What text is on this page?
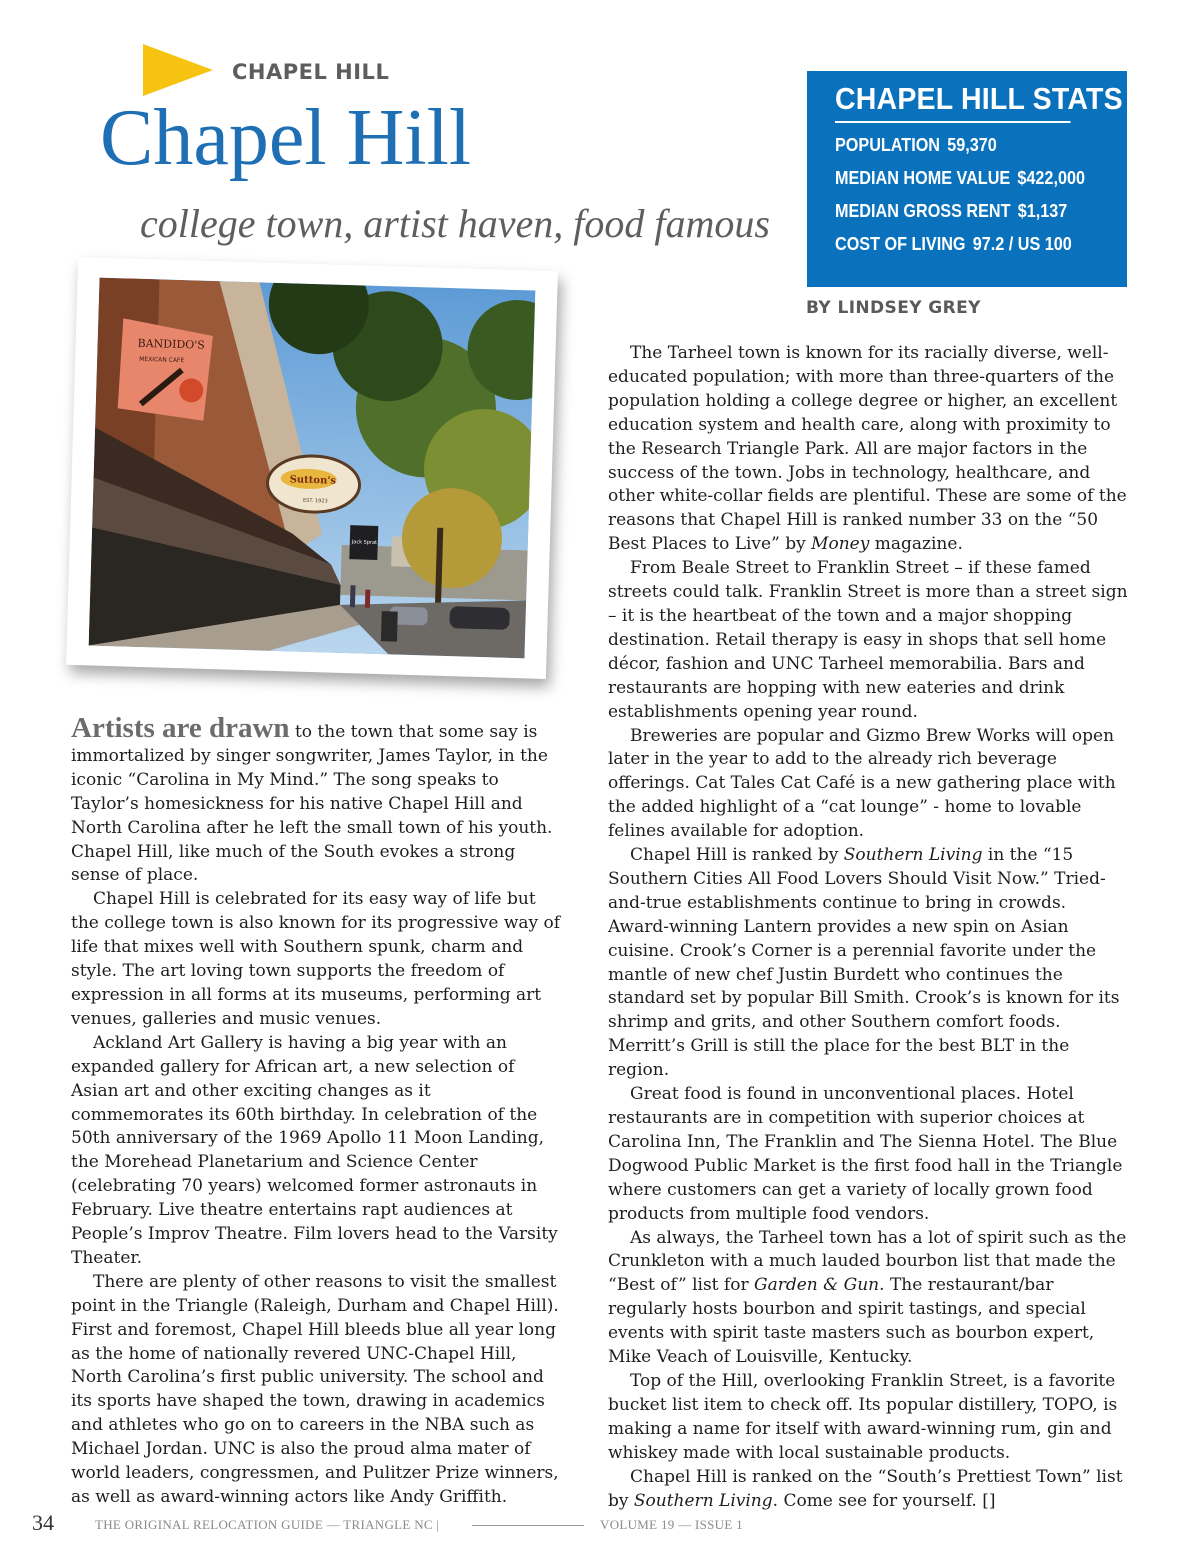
CHAPEL HILL
Chapel Hill
college town, artist haven, food famous
CHAPEL HILL STATS
POPULATION 59,370
MEDIAN HOME VALUE $422,000
MEDIAN GROSS RENT $1,137
COST OF LIVING 97.2 / US 100
BY LINDSEY GREY
BANDIDO'S
MEXICAN CAFE
Sutton's
EST. 1923
Jack Sprat

Artists are drawn to the town that some say is immortalized by singer songwriter, James Taylor, in the iconic “Carolina in My Mind.” The song speaks to Taylor’s homesickness for his native Chapel Hill and North Carolina after he left the small town of his youth. Chapel Hill, like much of the South evokes a strong sense of place.

Chapel Hill is celebrated for its easy way of life but the college town is also known for its progressive way of life that mixes well with Southern spunk, charm and style. The art loving town supports the freedom of expression in all forms at its museums, performing art venues, galleries and music venues.

Ackland Art Gallery is having a big year with an expanded gallery for African art, a new selection of Asian art and other exciting changes as it commemorates its 60th birthday. In celebration of the 50th anniversary of the 1969 Apollo 11 Moon Landing, the Morehead Planetarium and Science Center (celebrating 70 years) welcomed former astronauts in February. Live theatre entertains rapt audiences at People’s Improv Theatre. Film lovers head to the Varsity Theater.

There are plenty of other reasons to visit the smallest point in the Triangle (Raleigh, Durham and Chapel Hill). First and foremost, Chapel Hill bleeds blue all year long as the home of nationally revered UNC-Chapel Hill, North Carolina’s first public university. The school and its sports have shaped the town, drawing in academics and athletes who go on to careers in the NBA such as Michael Jordan. UNC is also the proud alma mater of world leaders, congressmen, and Pulitzer Prize winners, as well as award-winning actors like Andy Griffith.

The Tarheel town is known for its racially diverse, well-educated population; with more than three-quarters of the population holding a college degree or higher, an excellent education system and health care, along with proximity to the Research Triangle Park. All are major factors in the success of the town. Jobs in technology, healthcare, and other white-collar fields are plentiful. These are some of the reasons that Chapel Hill is ranked number 33 on the “50 Best Places to Live” by Money magazine.

From Beale Street to Franklin Street – if these famed streets could talk. Franklin Street is more than a street sign – it is the heartbeat of the town and a major shopping destination. Retail therapy is easy in shops that sell home décor, fashion and UNC Tarheel memorabilia. Bars and restaurants are hopping with new eateries and drink establishments opening year round.

Breweries are popular and Gizmo Brew Works will open later in the year to add to the already rich beverage offerings. Cat Tales Cat Café is a new gathering place with the added highlight of a “cat lounge” - home to lovable felines available for adoption.

Chapel Hill is ranked by Southern Living in the “15 Southern Cities All Food Lovers Should Visit Now.” Tried-and-true establishments continue to bring in crowds. Award-winning Lantern provides a new spin on Asian cuisine. Crook’s Corner is a perennial favorite under the mantle of new chef Justin Burdett who continues the standard set by popular Bill Smith. Crook’s is known for its shrimp and grits, and other Southern comfort foods. Merritt’s Grill is still the place for the best BLT in the region.

Great food is found in unconventional places. Hotel restaurants are in competition with superior choices at Carolina Inn, The Franklin and The Sienna Hotel. The Blue Dogwood Public Market is the first food hall in the Triangle where customers can get a variety of locally grown food products from multiple food vendors.

As always, the Tarheel town has a lot of spirit such as the Crunkleton with a much lauded bourbon list that made the “Best of” list for Garden & Gun. The restaurant/bar regularly hosts bourbon and spirit tastings, and special events with spirit taste masters such as bourbon expert, Mike Veach of Louisville, Kentucky.

Top of the Hill, overlooking Franklin Street, is a favorite bucket list item to check off. Its popular distillery, TOPO, is making a name for itself with award-winning rum, gin and whiskey made with local sustainable products.

Chapel Hill is ranked on the “South’s Prettiest Town” list by Southern Living. Come see for yourself. []

34	THE ORIGINAL RELOCATION GUIDE — TRIANGLE NC |	VOLUME 19 — ISSUE 1
